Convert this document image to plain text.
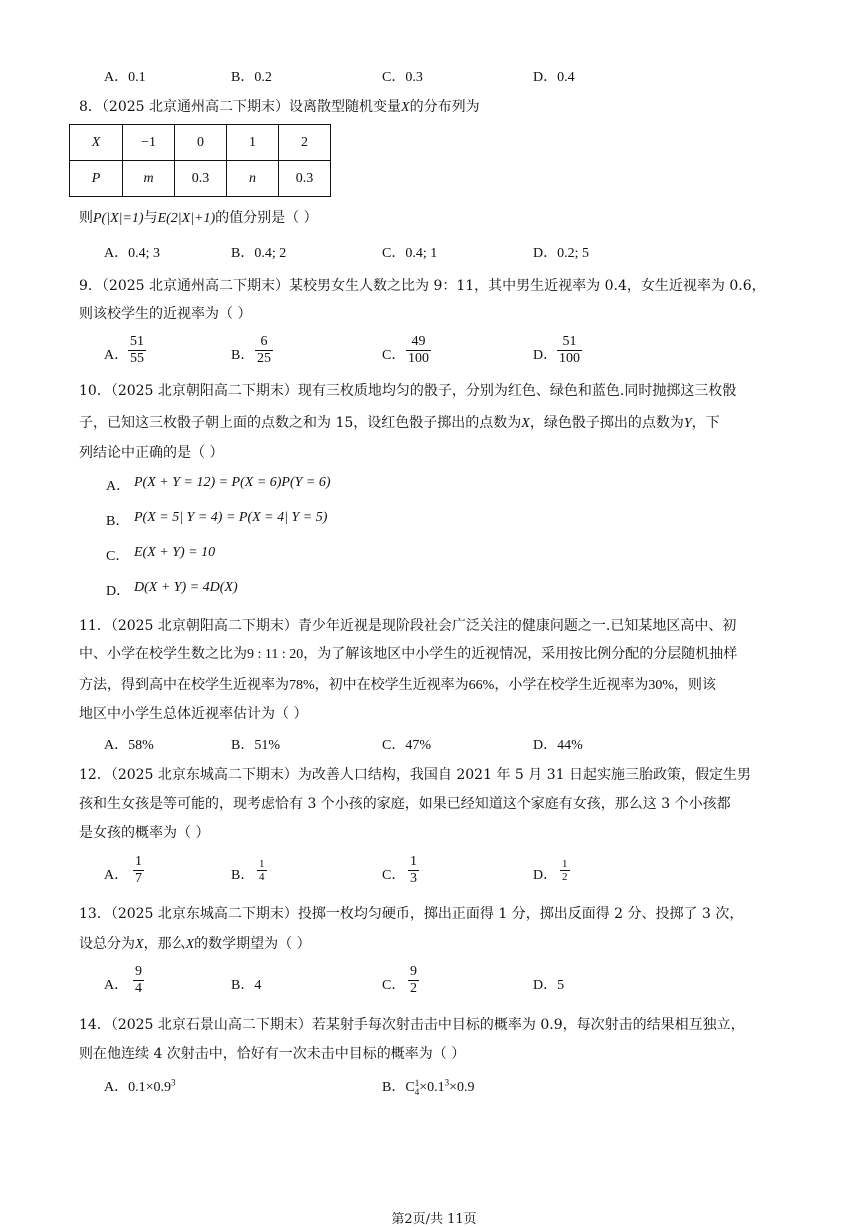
A．0.1	B．0.2	C．0.3	D．0.4
8．（2025 北京通州高二下期末）设离散型随机变量X的分布列为
X	−1	0	1	2
P	m	0.3	n	0.3
则P(|X|=1)与E(2|X|+1)的值分别是（ ）
A．0.4; 3	B．0.4; 2	C．0.4; 1	D．0.2; 5
9．（2025 北京通州高二下期末）某校男女生人数之比为 9：11，其中男生近视率为 0.4，女生近视率为 0.6，
则该校学生的近视率为（ ）
A．
51
55	B．
6
25	C．
49
100	D．
51
100
10．（2025 北京朝阳高二下期末）现有三枚质地均匀的骰子，分别为红色、绿色和蓝色.同时抛掷这三枚骰
子，已知这三枚骰子朝上面的点数之和为 15，设红色骰子掷出的点数为X，绿色骰子掷出的点数为Y，下
列结论中正确的是（ ）
A． P(X + Y = 12) = P(X = 6)P(Y = 6)
B． P(X = 5| Y = 4) = P(X = 4| Y = 5)
C． E(X + Y) = 10
D． D(X + Y) = 4D(X)
11．（2025 北京朝阳高二下期末）青少年近视是现阶段社会广泛关注的健康问题之一.已知某地区高中、初
中、小学在校学生数之比为9 : 11 : 20，为了解该地区中小学生的近视情况，采用按比例分配的分层随机抽样
方法，得到高中在校学生近视率为78%，初中在校学生近视率为66%，小学在校学生近视率为30%，则该
地区中小学生总体近视率估计为（ ）
A．58%	B．51%	C．47%	D．44%
12．（2025 北京东城高二下期末）为改善人口结构，我国自 2021 年 5 月 31 日起实施三胎政策，假定生男
孩和生女孩是等可能的，现考虑恰有 3 个小孩的家庭，如果已经知道这个家庭有女孩，那么这 3 个小孩都
是女孩的概率为（ ）
A．
1
7	B．
1
4	C．
1
3	D．
1
2
13．（2025 北京东城高二下期末）投掷一枚均匀硬币，掷出正面得 1 分，掷出反面得 2 分、投掷了 3 次，
设总分为X，那么X的数学期望为（ ）
A．
9
4	B．4	C．
9
2	D．5
14．（2025 北京石景山高二下期末）若某射手每次射击击中目标的概率为 0.9，每次射击的结果相互独立，
则在他连续 4 次射击中，恰好有一次未击中目标的概率为（ ）
A．$0.1\times 0.9^3$	B．C 1
$4 \times 0.1^3\times 0.9$
第2页/共 11页
